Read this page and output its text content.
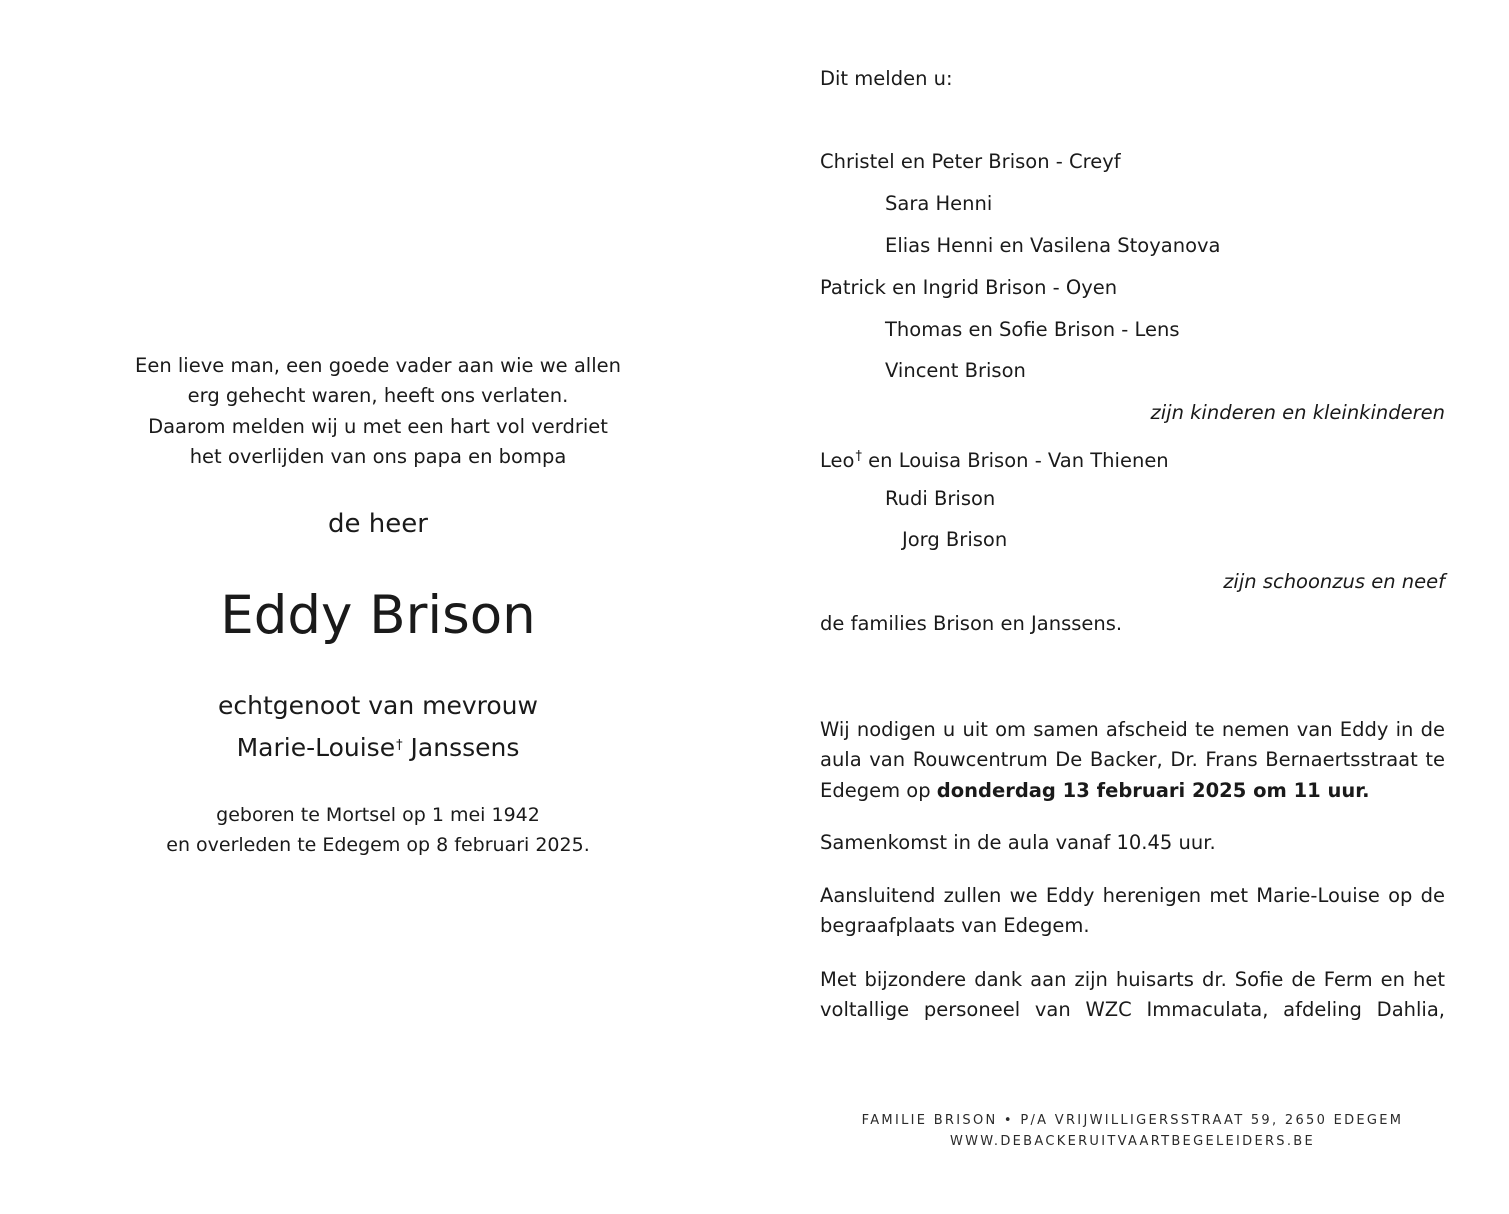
Een lieve man, een goede vader aan wie we allen
erg gehecht waren, heeft ons verlaten.
Daarom melden wij u met een hart vol verdriet
het overlijden van ons papa en bompa
de heer
Eddy Brison
echtgenoot van mevrouw
Marie-Louise† Janssens
geboren te Mortsel op 1 mei 1942
en overleden te Edegem op 8 februari 2025.
Dit melden u:
Christel en Peter Brison - Creyf
Sara Henni
Elias Henni en Vasilena Stoyanova
Patrick en Ingrid Brison - Oyen
Thomas en Sofie Brison - Lens
Vincent Brison
zijn kinderen en kleinkinderen
Leo† en Louisa Brison - Van Thienen
Rudi Brison
Jorg Brison
zijn schoonzus en neef
de families Brison en Janssens.

Wij nodigen u uit om samen afscheid te nemen van Eddy in de aula van Rouwcentrum De Backer, Dr. Frans Bernaertsstraat te Edegem op donderdag 13 februari 2025 om 11 uur.

Samenkomst in de aula vanaf 10.45 uur.

Aansluitend zullen we Eddy herenigen met Marie-Louise op de begraafplaats van Edegem.

Met bijzondere dank aan zijn huisarts dr. Sofie de Ferm en het voltallige personeel van WZC Immaculata, afdeling Dahlia,

FAMILIE BRISON • P/A VRIJWILLIGERSSTRAAT 59, 2650 EDEGEM
WWW.DEBACKERUITVAARTBEGELEIDERS.BE
